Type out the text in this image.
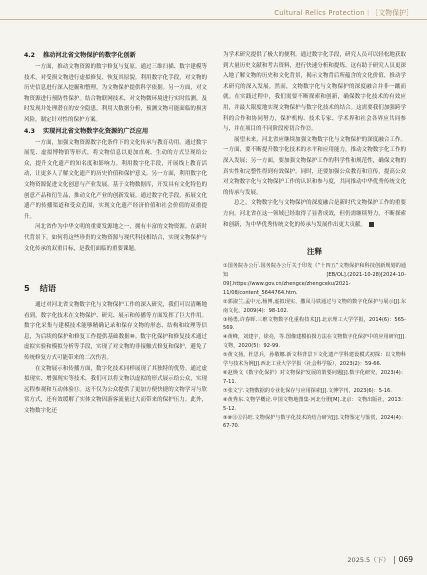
Cultural Relics Protection｜［文物保护］
4.2 推动河北省文物保护的数字化创新

一方面，推动文物资源的数字修复与复原。通过三维扫描、数字建模等技术，对受损文物进行虚拟修复、恢复其原貌。利用数字化手段，对文物的历史信息进行深入挖掘和整理，为文物保护提供科学依据。另一方面，对文物资源进行预防性保护。结合物联网技术，对文物微环境进行实时监测，及时发现并处理潜在的安全隐患。利用大数据分析，预测文物可能面临的损害风险，制定针对性的保护方案。

4.3 实现河北省文物数字化资源的广泛应用

一方面，加强文物资源数字化条件下的文化传承与教育功用。通过数字展览、虚拟博物馆等形式，将文物信息以更加直观、生动的方式呈现给公众，提升文化遗产的知名度和影响力。利用数字化手段，开展线上教育活动，让更多人了解文化遗产的历史价值和保护意义。另一方面，利用数字化文物资源促进文化创意与产业发展。基于文物数据库，开发具有文化特色的创意产品和衍生品，推动文化产业的创新发展。通过数字化手段，拓展文化遗产的传播渠道和受众范围，实现文化遗产经济价值和社会价值的双重提升。

河北省作为中华文明的重要发源地之一，拥有丰富的文物资源。在新时代背景下，如何将这些珍贵的文物资源与现代科技相结合，实现文物保护与文化传承的双重目标，是我们面临的重要课题。

5 结语

通过对河北省文物数字化与文物保护工作的深入研究，我们可以清晰地看到，数字化技术在文物保护、研究、展示和传播等方面发挥了巨大作用。数字化采集与建模技术能够精确记录和保存文物的形态、结构和纹理等信息，为后续的保护和修复工作提供基础数据⑩。数字化保护和修复技术通过虚拟实验和模拟分析等手段，实现了对文物的非接触式修复和保护，避免了传统修复方式可能带来的二次伤害。

在文物展示和传播方面，数字化技术同样展现了其独特的优势。通过虚拟现实、增强现实等技术，我们可以将文物以虚拟的形式展示给公众，实现远程参观和互动体验⑪。这不仅为公众提供了更加方便快捷的文物学习与欣赏方式，还有效缓解了实体文物因游客流量过大而带来的保护压力。此外，文物数字化还

为学术研究提供了极大的便利。通过数字化手段，研究人员可以轻松地获取到大量历史文献和考古资料，进行快速分析和提炼。这有助于研究人员更深入地了解文物的历史和文化背景，揭示文物背后所蕴含的文化价值，推动学术研究的深入发展。然而，文物数字化与文物保护的深度融合并非一蹴而就。在实践过程中，我们需要不断探索和创新，确保数字化技术的有效应用，并最大限度地实现文物保护与数字化技术的结合。这需要我们加强跨学科的合作和协同努力，保护机构、技术专家、学术界和社会各界应共同参与，并在项目的不同阶段密切合作⑫。

展望未来，河北省应继续加强文物数字化与文物保护的深度融合工作。一方面，要不断提升数字化技术的水平和应用能力，推动文物数字化工作的深入发展；另一方面，要加强文物保护工作的科学性和规范性，确保文物的真实性和完整性得到有效保护。同时，还要加强公众教育和宣传，提高公众对文物数字化与文物保护工作的认识和参与度，共同推动中华优秀传统文化的传承与发展。

总之，文物数字化与文物保护的深度融合是新时代文物保护工作的重要方向。河北省在这一领域已经取得了显著成效，但仍需继续努力，不断探索和创新，为中华优秀传统文化的传承与发展作出更大贡献。

注释

①国务院办公厅.国务院办公厅关于印发《“十四五”文物保护和科技创新规划的通知[EB/OL].(2021-10-28)[2024-10-09].https://www.gov.cn/zhengce/zhengceku/2021-11/08/content_5644764.htm.

②郭淑兰,孟中元,杨博,虚拟现实、撒凤马铁通过与文物的数字化保护与展示[J].东南文化，2009(4)：98-102.

③杨勇,许春晖.三维文物数字化重构技术[J].北京理工大学学报，2014(6)：565-569.

④黄峰，刘建宇，徐亮，等.图像建模拍摄方法在文物数字化保护中的应用研究[J].文物，2020(5)：92-99.

⑤黄文扬，杜思兵，孙敬娜.新文科背景下文化遗产学科建设模式初探：以文物科学与技术为例[J].西北工业大学学报（社会科学版），2023(2)：59-66.

⑥赵焕文《数字化保护》对文物保护发展的策要问题[J].数字化研究，2023(4)：7-11.

⑦张文宁.文物数据的专业化保存与应用探索[J].文博学刊，2023(6)：5-16.

⑧黄秀东.文物学概论.中国文物地图集·河北分册[M].北京：文物出版社，2013：5-12.

⑨⑩⑪⑫冯旺.文物保护与数字化技术的结合研究[J].文物鉴定与鉴赏，2024(4)：67-70.

2025.5（下） 069
